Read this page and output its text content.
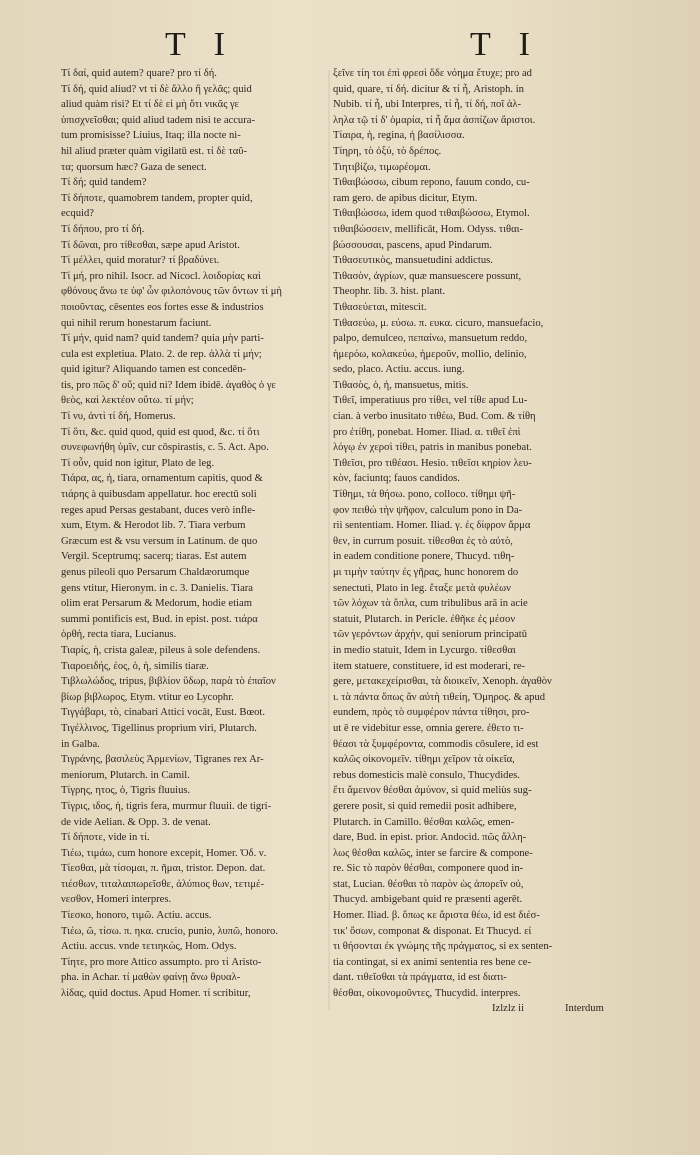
T I	T I
Τί δαί, quid autem? quare? pro τί δή.
Τί δή, quid aliud? vt τί δὲ ἄλλο ἢ γελᾶς; quid
aliud quàm risi? Et τί δὲ εἰ μὴ ὅτι νικᾶς γε
ὑπισχνεῖσθαι; quid aliud tadem nisi te accura-
tum promisisse? Liuius, Itaq; illa nocte ni-
hil aliud præter quàm vigilatū est. τί δὲ ταῦ-
τα; quorsum hæc? Gaza de senect.
Τί δή; quid tandem?
Τί δήποτε, quamobrem tandem, propter quid,
ecquid?
Τί δήπου, pro τί δή.
Τί δῶναι, pro τίθεσθαι, sæpe apud Aristot.
Τί μέλλει, quid moratur? τί βραδύνει.
Τί μή, pro nihil. Isocr. ad Nicocl. λοιδορίας καὶ
φθόνους ἄνω τε ὑφ' ὧν φιλοπόνους τῶν ὄντων τί μὴ
ποιοῦντας, cēsentes eos fortes esse & industrios
qui nihil rerum honestarum faciunt.
Τί μήν, quid nam? quid tandem? quia μὴν parti-
cula est expletiua. Plato. 2. de rep. ἀλλὰ τί μήν;
quid igitur? Aliquando tamen est concedēn-
tis, pro πῶς δ' οὔ; quid ni? Idem ibidē. ἀγαθὸς ὁ γε
θεὸς, καὶ λεκτέον οὕτω. τί μήν;
Τί νυ, ἀντὶ τί δή, Homerus.
Τί ὅτι, &c. quid quod, quid est quod, &c. τί ὅτι
συνεφωνήθη ὑμῖν, cur cōspirastis, c. 5. Act. Apo.
Τί οὖν, quid non igitur, Plato de leg.
Τιάρα, ας, ἡ, tiara, ornamentum capitis, quod &
τιάρης à quibusdam appellatur. hoc erectū soli
reges apud Persas gestabant, duces verò infle-
xum, Etym. & Herodot lib. 7. Tiara verbum
Græcum est & vsu versum in Latinum. de quo
Vergil. Sceptrumq; sacerq; tiaras. Est autem
genus pileoli quo Persarum Chaldæorumque
gens vtitur, Hieronym. in c. 3. Danielis. Tiara
olim erat Persarum & Medorum, hodie etiam
summi pontificis est, Bud. in epist. post. τιάρα
ὀρθή, recta tiara, Lucianus.
Τιαρίς, ἡ, crista galeæ, pileus à sole defendens.
Τιαροειδής, ἐος, ὁ, ἡ, similis tiaræ.
Τιβλωλώδος, tripus, βιβλίον ὕδωρ, παρὰ τὸ ἐπαῖον
βίωρ βιβλωρος, Etym. vtitur eo Lycophr.
Τιγγάβαρι, τὸ, cinabari Attici vocāt, Eust. Bœot.
Τιγέλλινος, Tigellinus proprium viri, Plutarch.
in Galba.
Τιγράνης, βασιλεὺς Ἀρμενίων, Tigranes rex Ar-
meniorum, Plutarch. in Camil.
Τίγρης, ητος, ὁ, Tigris fluuius.
Τίγρις, ιδος, ἡ, tigris fera, murmur fluuii. de tigri-
de vide Aelian. & Opp. 3. de venat.
Τί δήποτε, vide in τί.
Τιέω, τιμάω, cum honore excepit, Homer. Ὀδ. ν.
Τίεσθαι, μὰ τίσομαι, π. ῆμαι, tristor. Depon. dat.
τιέσθων, τιταλαιπωρεῖσθε, ἀλύπιος θων, τετιμέ-
νεσθον, Homeri interpres.
Τίεσκο, honoro, τιμῶ. Actiu. accus.
Τιέω, ῶ, τίσω. π. ηκα. crucio, punio, λυπῶ, honoro.
Actiu. accus. vnde τετιηκὼς, Hom. Odys.
Τίητε, pro more Attico assumpto. pro τί Aristo-
pha. in Achar. τί μαθὼν φαίνῃ ἄνω θρυαλ-
λίδας, quid doctus. Apud Homer. τί scribitur,
ξεῖνε τίη τοι ἐπὶ φρεσὶ ὅδε νόημα ἔτυχε; pro ad
quid, quare, τί δή. dicitur & τί ἦ, Aristoph. in
Nubib. τί ἦ, ubi Interpres, τί ἦ, τί δή, ποῖ ἀλ-
ληλα τῷ τί δ' ὁμαρία, τί ἦ ἅμα ἀσπίζων ἄριστοι.
Τίαιρα, ἡ, regina, ἡ βασίλισσα.
Τίηρη, τὸ ὀξύ, τὸ δρέπος.
Τιητιβίζω, τιμωρέομαι.
Τιθαιβώσσω, cibum repono, fauum condo, cu-
ram gero. de apibus dicitur, Etym.
Τιθαιβώσσω, idem quod τιθαιβώσσω, Etymol.
τιθαιβώσσειν, mellificāt, Hom. Odyss. τιθαι-
βώσσουσαι, pascens, apud Pindarum.
Τιθασευτικὸς, mansuetudini addictus.
Τιθασὸν, ἀγρίων, quæ mansuescere possunt,
Theophr. lib. 3. hist. plant.
Τιθασεύεται, mitescit.
Τιθασεύω, μ. εύσω. π. ευκα. cicuro, mansuefacio,
palpo, demulceo, πεπαίνω, mansuetum reddo,
ἡμερόω, κολακεύω, ἡμεροῦν, mollio, delinio,
sedo, placo. Actiu. accus. iung.
Τιθασὸς, ὁ, ἡ, mansuetus, mitis.
Τιθεῖ, imperatiuus pro τίθει, vel τίθε apud Lu-
cian. à verbo inusitato τιθέω, Bud. Com. & τίθη
pro ἐτίθη, ponebat. Homer. Iliad. α. τιθεῖ ἐπὶ
λόγῳ ἐν χερσὶ τίθει, patris in manibus ponebat.
Τιθεῖσι, pro τιθέασι. Hesio. τιθεῖσι κηρίον λευ-
κὸν, faciuntq; fauos candidos.
Τίθημι, τὰ θήσω. pono, colloco. τίθημι ψῆ-
φον πειθώ τὴν ψῆφον, calculum pono in Da-
rii sententiam. Homer. Iliad. γ. ἐς δίφρον ἄρμα
θεν, in currum posuit. τίθεσθαι ἐς τὸ αὐτὸ,
in eadem conditione ponere, Thucyd. τιθη-
μι τιμὴν ταύτην ἐς γῆρας, hunc honorem do
senectuti, Plato in leg. ἔταξε μετὰ φυλέων
τῶν λόχων τὰ ὅπλα, cum tribulibus arā in acie
statuit, Plutarch. in Pericle. ἐθῆκε ἐς μέσον
τῶν γερόντων ἀρχὴν, qui seniorum principatū
in medio statuit, Idem in Lycurgo. τίθεσθαι
item statuere, constituere, id est moderari, re-
gere, μετακεχείρισθαι, τὰ διοικεῖν, Xenoph. ἀγαθὸν
ι. τὰ πάντα ὅπως ἂν αὐτὴ τιθείη, Ὅμηρος. & apud
eundem, πρὸς τὸ συμφέρον πάντα τίθησι, pro-
ut ē re videbitur esse, omnia gerere. ἐθετο τι-
θέασι τὰ ξυμφέροντα, commodis cōsulere, id est
καλῶς οἰκονομεῖν. τίθημι χεῖρον τὰ οἰκεῖα,
rebus domesticis malè consulo, Thucydides.
ἔτι ἄμεινον θέσθαι ἀμύνον, si quid meliùs sug-
gerere posit, si quid remedii posit adhibere,
Plutarch. in Camillo. θέσθαι καλῶς, emen-
dare, Bud. in epist. prior. Andocid. πῶς ἄλλη-
λως θέσθαι καλῶς, inter se farcire & compone-
re. Sic τὸ παρὸν θέσθαι, componere quod in-
stat, Lucian. θέσθαι τὸ παρὸν ὡς ἀπορεῖν οὐ,
Thucyd. ambigebant quid re præsenti agerēt.
Homer. Iliad. β. ὅπως κε ἄριστα θέω, id est διέσ-
τικ' ὄσων, componat & disponat. Et Thucyd. εἰ
τι θήσονται ἐκ γνώμης τῆς πράγματος, si ex senten-
tia contingat, si ex animi sententia res bene ce-
dant. τιθεῖσθαι τὰ πράγματα, id est διατι-
θέσθαι, οἰκονομοῦντες, Thucydid. interpres.
Izlzlz ii	Interdum
